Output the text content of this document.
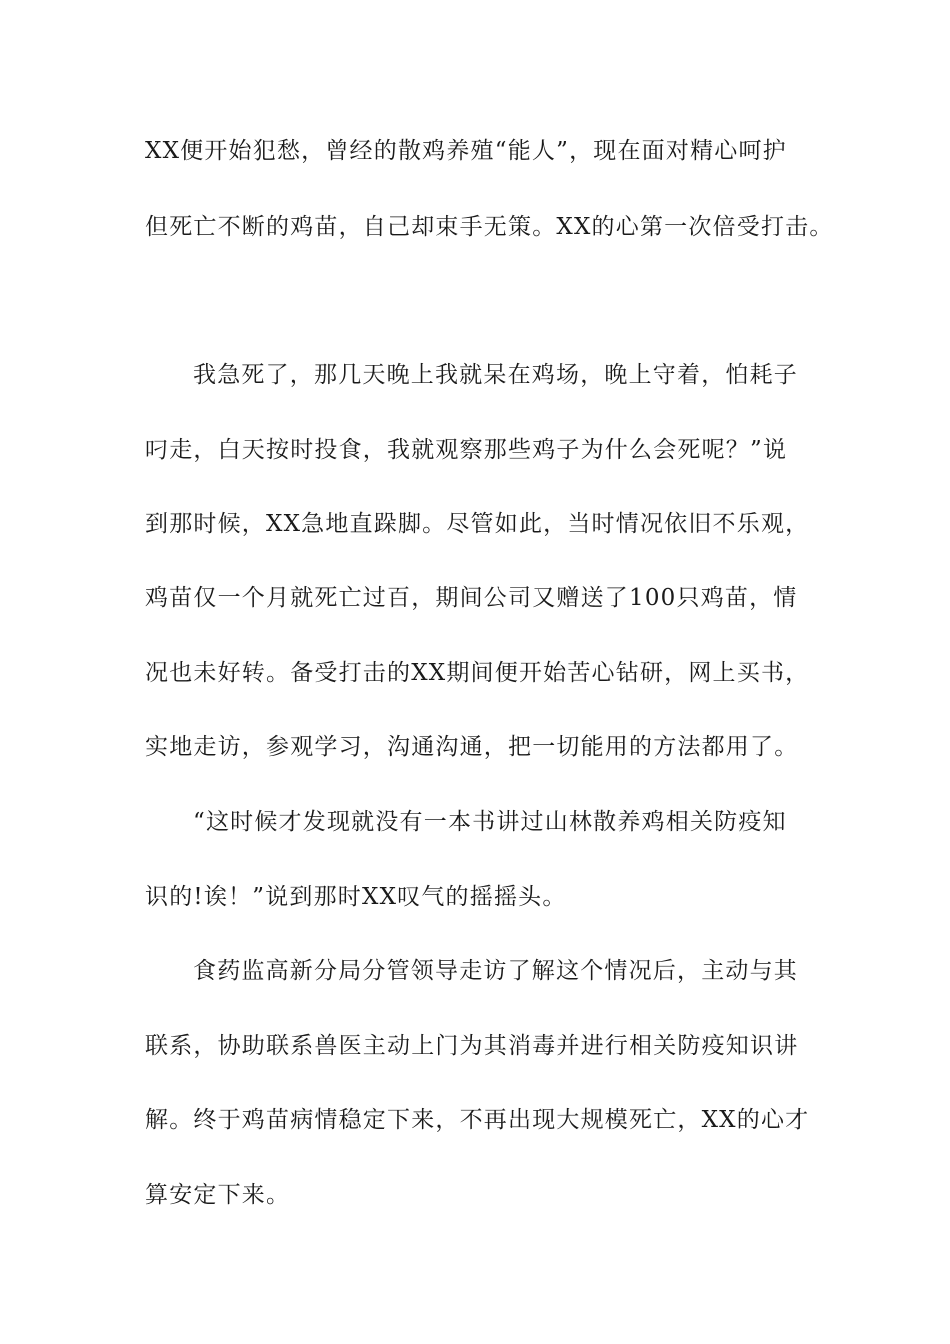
XX便开始犯愁，曾经的散鸡养殖“能人”，现在面对精心呵护
但死亡不断的鸡苗，自己却束手无策。XX的心第一次倍受打击。
我急死了，那几天晚上我就呆在鸡场，晚上守着，怕耗子
叼走，白天按时投食，我就观察那些鸡子为什么会死呢？”说
到那时候，XX急地直跺脚。尽管如此，当时情况依旧不乐观，
鸡苗仅一个月就死亡过百，期间公司又赠送了100只鸡苗，情
况也未好转。备受打击的XX期间便开始苦心钻研，网上买书，
实地走访，参观学习，沟通沟通，把一切能用的方法都用了。
“这时候才发现就没有一本书讲过山林散养鸡相关防疫知
识的!诶！”说到那时XX叹气的摇摇头。
食药监高新分局分管领导走访了解这个情况后，主动与其
联系，协助联系兽医主动上门为其消毒并进行相关防疫知识讲
解。终于鸡苗病情稳定下来，不再出现大规模死亡，XX的心才
算安定下来。
